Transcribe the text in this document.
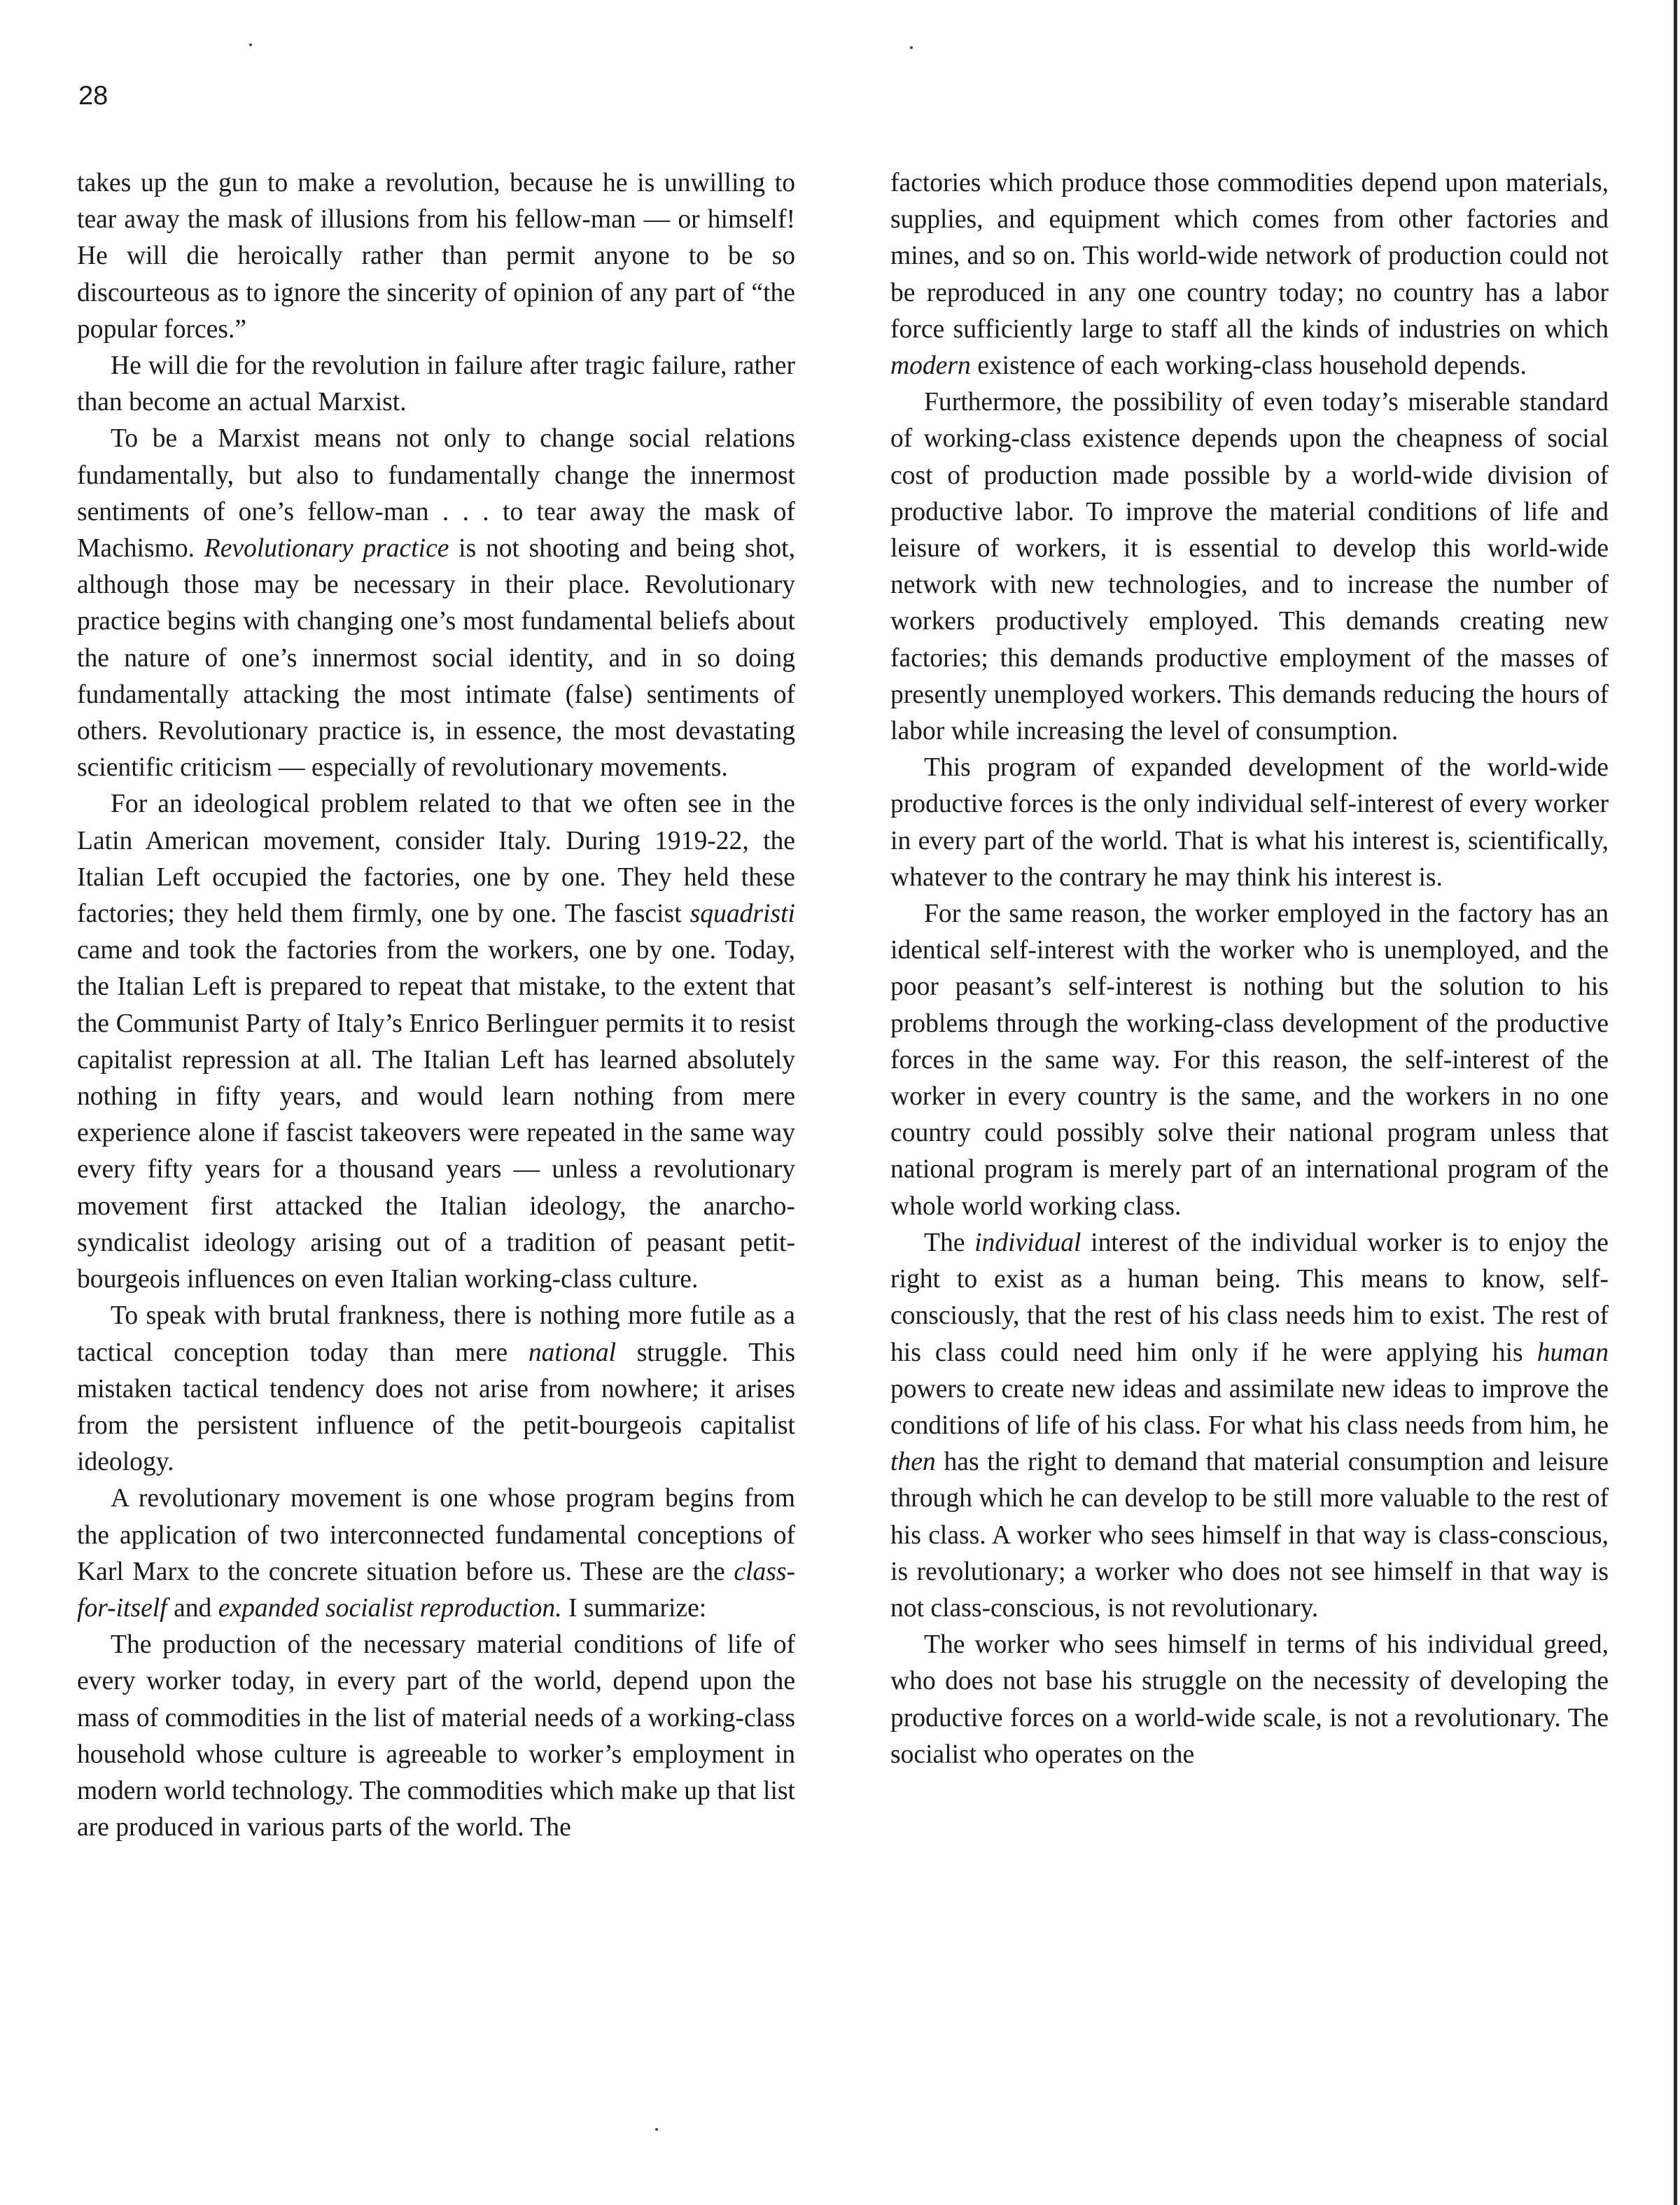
28

takes up the gun to make a revolution, because he is unwilling to tear away the mask of illusions from his fellow-man — or himself! He will die heroically rather than permit anyone to be so discourteous as to ignore the sincerity of opinion of any part of “the popular forces.”

He will die for the revolution in failure after tragic failure, rather than become an actual Marxist.

To be a Marxist means not only to change social relations fundamentally, but also to fundamentally change the innermost sentiments of one’s fellow-man . . . to tear away the mask of Machismo. Revolutionary practice is not shooting and being shot, although those may be necessary in their place. Revolutionary practice begins with changing one’s most fundamental beliefs about the nature of one’s innermost social identity, and in so doing fundamentally attacking the most intimate (false) sentiments of others. Revolutionary practice is, in essence, the most devastating scientific criticism — especially of revolutionary movements.

For an ideological problem related to that we often see in the Latin American movement, consider Italy. During 1919-22, the Italian Left occupied the factories, one by one. They held these factories; they held them firmly, one by one. The fascist squadristi came and took the factories from the workers, one by one. Today, the Italian Left is prepared to repeat that mistake, to the extent that the Communist Party of Italy’s Enrico Berlinguer permits it to resist capitalist repression at all. The Italian Left has learned absolutely nothing in fifty years, and would learn nothing from mere experience alone if fascist takeovers were repeated in the same way every fifty years for a thousand years — unless a revolutionary movement first attacked the Italian ideology, the anarcho-syndicalist ideology arising out of a tradition of peasant petit-bourgeois influences on even Italian working-class culture.

To speak with brutal frankness, there is nothing more futile as a tactical conception today than mere national struggle. This mistaken tactical tendency does not arise from nowhere; it arises from the persistent influence of the petit-bourgeois capitalist ideology.

A revolutionary movement is one whose program begins from the application of two interconnected fundamental conceptions of Karl Marx to the concrete situation before us. These are the class-for-itself and expanded socialist reproduction. I summarize:

The production of the necessary material conditions of life of every worker today, in every part of the world, depend upon the mass of commodities in the list of material needs of a working-class household whose culture is agreeable to worker’s employment in modern world technology. The commodities which make up that list are produced in various parts of the world. The

factories which produce those commodities depend upon materials, supplies, and equipment which comes from other factories and mines, and so on. This world-wide network of production could not be reproduced in any one country today; no country has a labor force sufficiently large to staff all the kinds of industries on which modern existence of each working-class household depends.

Furthermore, the possibility of even today’s miserable standard of working-class existence depends upon the cheapness of social cost of production made possible by a world-wide division of productive labor. To improve the material conditions of life and leisure of workers, it is essential to develop this world-wide network with new technologies, and to increase the number of workers productively employed. This demands creating new factories; this demands productive employment of the masses of presently unemployed workers. This demands reducing the hours of labor while increasing the level of consumption.

This program of expanded development of the world-wide productive forces is the only individual self-interest of every worker in every part of the world. That is what his interest is, scientifically, whatever to the contrary he may think his interest is.

For the same reason, the worker employed in the factory has an identical self-interest with the worker who is unemployed, and the poor peasant’s self-interest is nothing but the solution to his problems through the working-class development of the productive forces in the same way. For this reason, the self-interest of the worker in every country is the same, and the workers in no one country could possibly solve their national program unless that national program is merely part of an international program of the whole world working class.

The individual interest of the individual worker is to enjoy the right to exist as a human being. This means to know, self-consciously, that the rest of his class needs him to exist. The rest of his class could need him only if he were applying his human powers to create new ideas and assimilate new ideas to improve the conditions of life of his class. For what his class needs from him, he then has the right to demand that material consumption and leisure through which he can develop to be still more valuable to the rest of his class. A worker who sees himself in that way is class-conscious, is revolutionary; a worker who does not see himself in that way is not class-conscious, is not revolutionary.

The worker who sees himself in terms of his individual greed, who does not base his struggle on the necessity of developing the productive forces on a world-wide scale, is not a revolutionary. The socialist who operates on the
